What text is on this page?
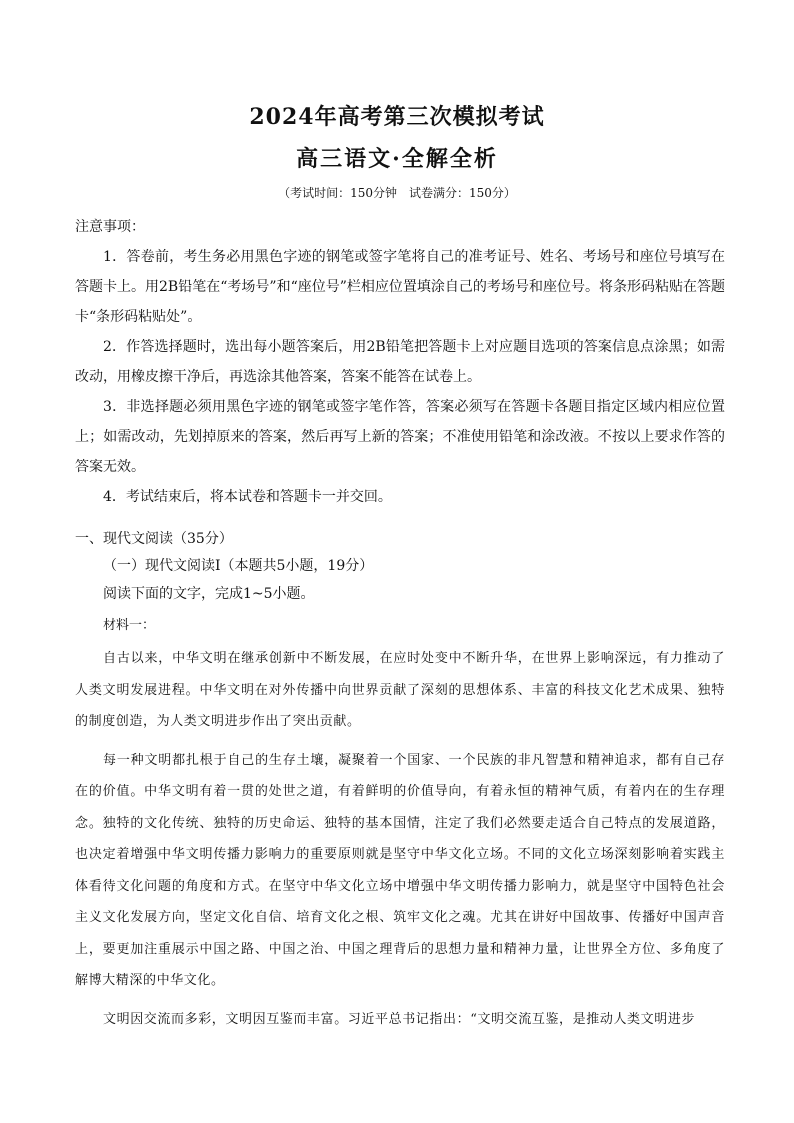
2024年高考第三次模拟考试
高三语文·全解全析
（考试时间：150分钟　试卷满分：150分）
注意事项：

1．答卷前，考生务必用黑色字迹的钢笔或签字笔将自己的准考证号、姓名、考场号和座位号填写在答题卡上。用2B铅笔在“考场号”和“座位号”栏相应位置填涂自己的考场号和座位号。将条形码粘贴在答题卡“条形码粘贴处”。

2．作答选择题时，选出每小题答案后，用2B铅笔把答题卡上对应题目选项的答案信息点涂黑；如需改动，用橡皮擦干净后，再选涂其他答案，答案不能答在试卷上。

3．非选择题必须用黑色字迹的钢笔或签字笔作答，答案必须写在答题卡各题目指定区域内相应位置上；如需改动，先划掉原来的答案，然后再写上新的答案；不准使用铅笔和涂改液。不按以上要求作答的答案无效。

4．考试结束后，将本试卷和答题卡一并交回。

一、现代文阅读（35分）
（一）现代文阅读Ⅰ（本题共5小题，19分）
阅读下面的文字，完成1~5小题。
材料一：

自古以来，中华文明在继承创新中不断发展，在应时处变中不断升华，在世界上影响深远，有力推动了人类文明发展进程。中华文明在对外传播中向世界贡献了深刻的思想体系、丰富的科技文化艺术成果、独特的制度创造，为人类文明进步作出了突出贡献。

每一种文明都扎根于自己的生存土壤，凝聚着一个国家、一个民族的非凡智慧和精神追求，都有自己存在的价值。中华文明有着一贯的处世之道，有着鲜明的价值导向，有着永恒的精神气质，有着内在的生存理念。独特的文化传统、独特的历史命运、独特的基本国情，注定了我们必然要走适合自己特点的发展道路，也决定着增强中华文明传播力影响力的重要原则就是坚守中华文化立场。不同的文化立场深刻影响着实践主体看待文化问题的角度和方式。在坚守中华文化立场中增强中华文明传播力影响力，就是坚守中国特色社会主义文化发展方向，坚定文化自信、培育文化之根、筑牢文化之魂。尤其在讲好中国故事、传播好中国声音上，要更加注重展示中国之路、中国之治、中国之理背后的思想力量和精神力量，让世界全方位、多角度了解博大精深的中华文化。

文明因交流而多彩，文明因互鉴而丰富。习近平总书记指出：“文明交流互鉴，是推动人类文明进步
